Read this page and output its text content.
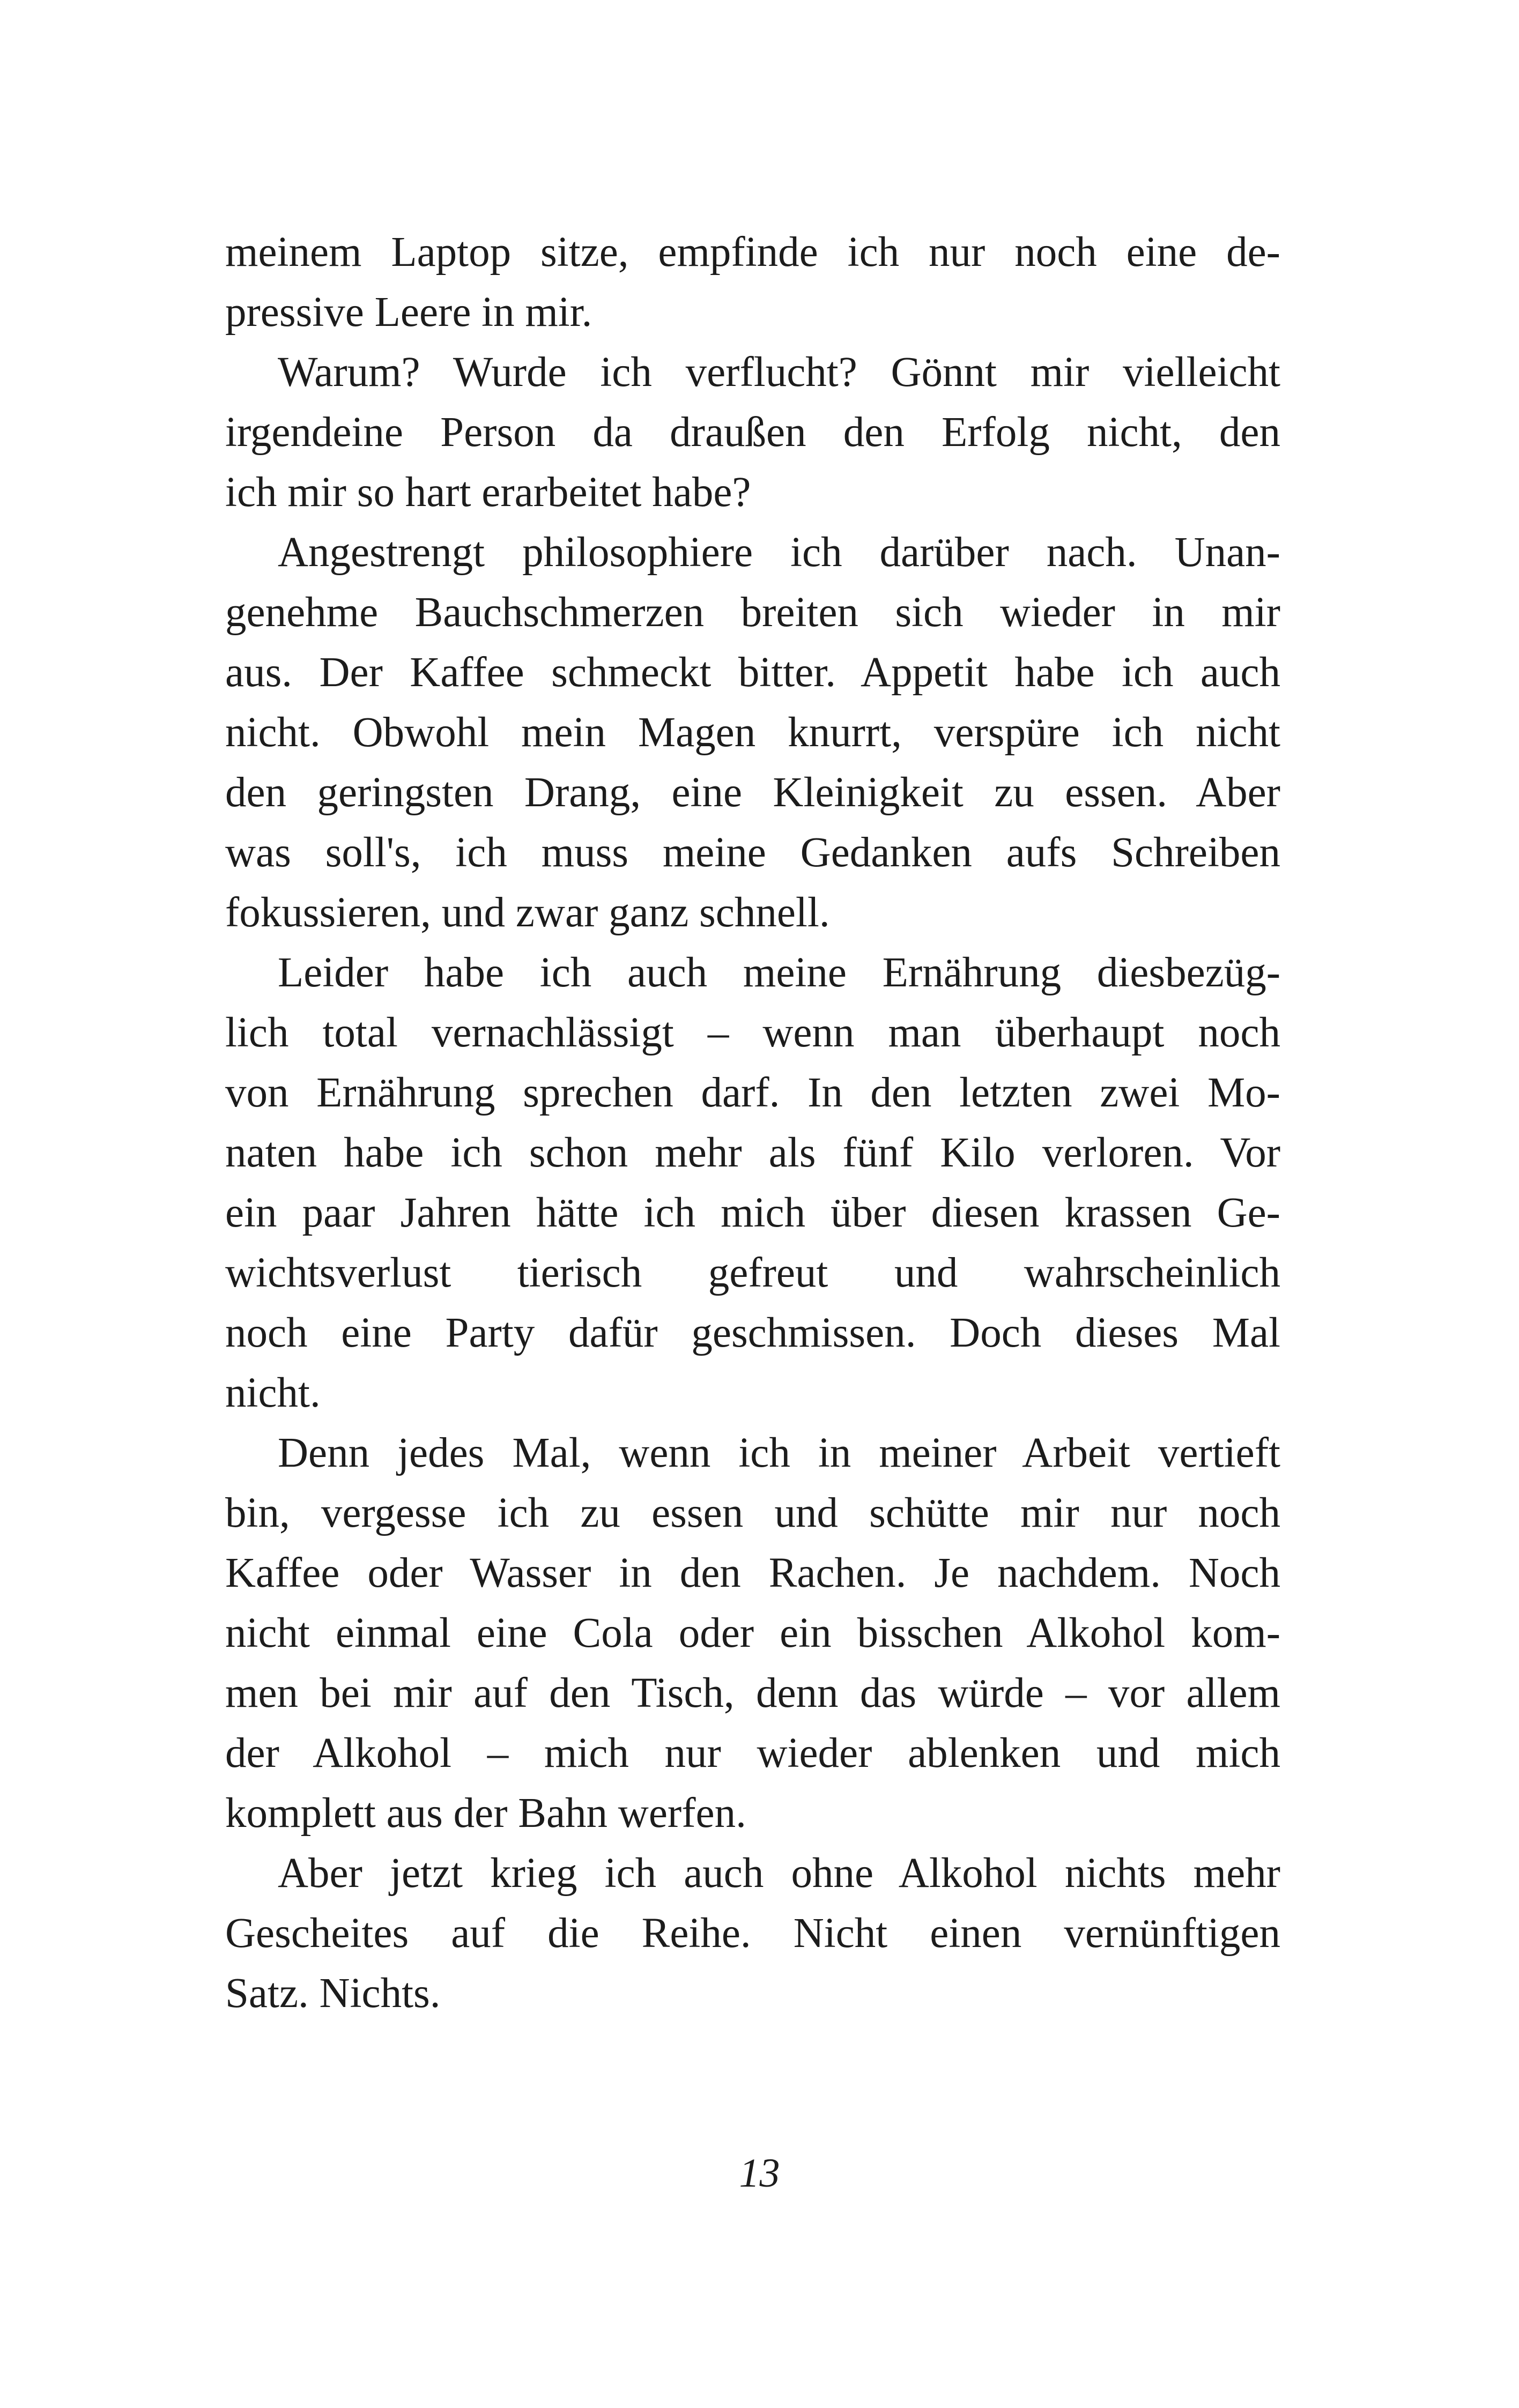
meinem Laptop sitze, empfinde ich nur noch eine de-
pressive Leere in mir.
Warum? Wurde ich verflucht? Gönnt mir vielleicht
irgendeine Person da draußen den Erfolg nicht, den
ich mir so hart erarbeitet habe?
Angestrengt philosophiere ich darüber nach. Unan-
genehme Bauchschmerzen breiten sich wieder in mir
aus. Der Kaffee schmeckt bitter. Appetit habe ich auch
nicht. Obwohl mein Magen knurrt, verspüre ich nicht
den geringsten Drang, eine Kleinigkeit zu essen. Aber
was soll's, ich muss meine Gedanken aufs Schreiben
fokussieren, und zwar ganz schnell.
Leider habe ich auch meine Ernährung diesbezüg-
lich total vernachlässigt – wenn man überhaupt noch
von Ernährung sprechen darf. In den letzten zwei Mo-
naten habe ich schon mehr als fünf Kilo verloren. Vor
ein paar Jahren hätte ich mich über diesen krassen Ge-
wichtsverlust tierisch gefreut und wahrscheinlich
noch eine Party dafür geschmissen. Doch dieses Mal
nicht.
Denn jedes Mal, wenn ich in meiner Arbeit vertieft
bin, vergesse ich zu essen und schütte mir nur noch
Kaffee oder Wasser in den Rachen. Je nachdem. Noch
nicht einmal eine Cola oder ein bisschen Alkohol kom-
men bei mir auf den Tisch, denn das würde – vor allem
der Alkohol – mich nur wieder ablenken und mich
komplett aus der Bahn werfen.
Aber jetzt krieg ich auch ohne Alkohol nichts mehr
Gescheites auf die Reihe. Nicht einen vernünftigen
Satz. Nichts.
13
